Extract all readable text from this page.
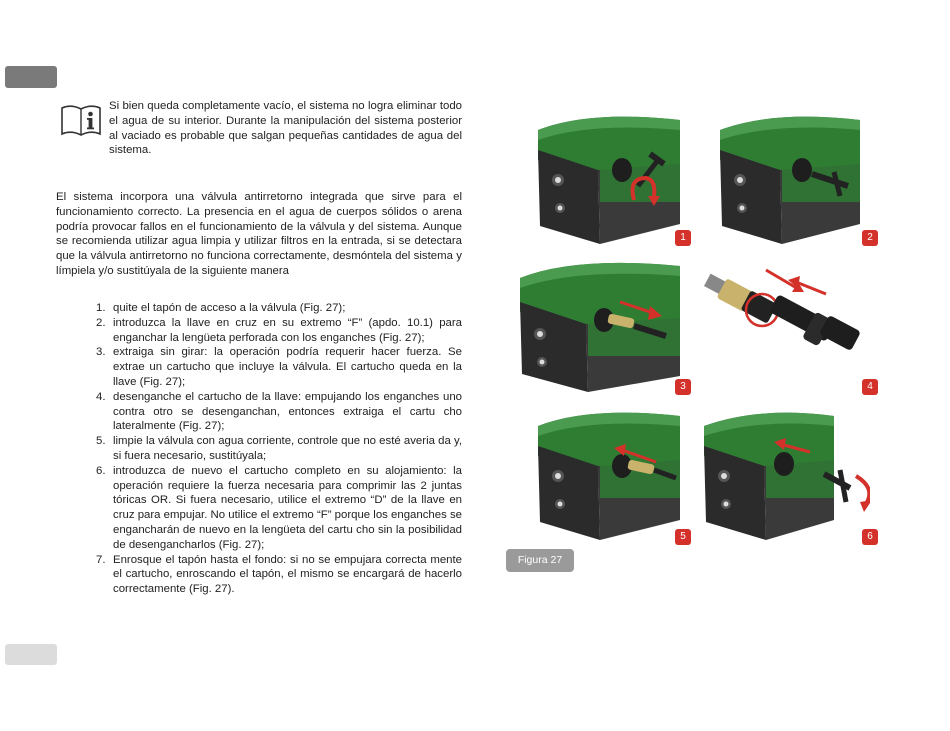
Si bien queda completamente vacío, el sistema no logra eliminar todo el agua de su interior. Durante la manipulación del sistema posterior al vaciado es probable que salgan pequeñas cantidades de agua del sistema.

El sistema incorpora una válvula antirretorno integrada que sirve para el funcionamiento correcto. La presencia en el agua de cuerpos sólidos o arena podría provocar fallos en el funcionamiento de la válvula y del sistema. Aunque se recomienda utilizar agua limpia y utilizar filtros en la entrada, si se detectara que la válvula antirretorno no funciona correctamente, desmóntela del sistema y límpiela y/o sustitúyala de la siguiente manera

1. quite el tapón de acceso a la válvula (Fig. 27);
2. introduzca la llave en cruz en su extremo “F” (apdo. 10.1) para enganchar la lengüeta perforada con los enganches (Fig. 27);
3. extraiga sin girar: la operación podría requerir hacer fuerza. Se extrae un cartucho que incluye la válvula. El cartucho queda en la llave (Fig. 27);
4. desenganche el cartucho de la llave: empujando los enganches uno contra otro se desenganchan, entonces extraiga el cartu cho lateralmente (Fig. 27);
5. limpie la válvula con agua corriente, controle que no esté averia da y, si fuera necesario, sustitúyala;
6. introduzca de nuevo el cartucho completo en su alojamiento: la operación requiere la fuerza necesaria para comprimir las 2 juntas tóricas OR. Si fuera necesario, utilice el extremo “D” de la llave en cruz para empujar. No utilice el extremo “F” porque los enganches se engancharán de nuevo en la lengüeta del cartu cho sin la posibilidad de desengancharlos (Fig. 27);
7. Enrosque el tapón hasta el fondo: si no se empujara correcta mente el cartucho, enroscando el tapón, el mismo se encargará de hacerlo correctamente (Fig. 27).
1	2
3	4
5	6
Figura 27
